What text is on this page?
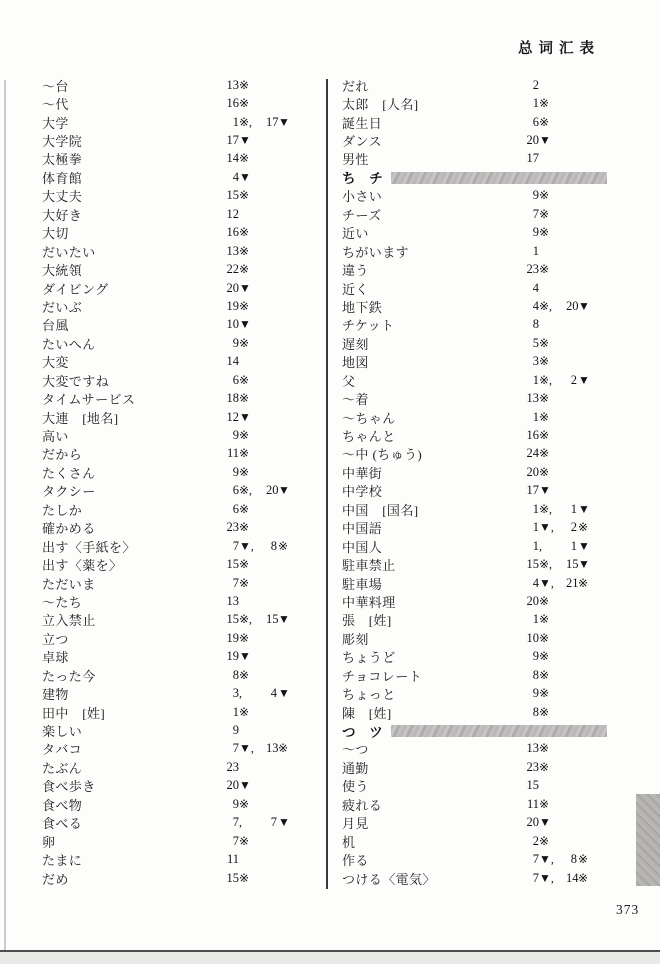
总词汇表
～台	13 ※
～代	16 ※
大学	1 ※,	17 ▼
大学院	17 ▼
太極拳	14 ※
体育館	4 ▼
大丈夫	15 ※
大好き	12
大切	16 ※
だいたい	13 ※
大統領	22 ※
ダイビング	20 ▼
だいぶ	19 ※
台風	10 ▼
たいへん	9 ※
大変	14
大変ですね	6 ※
タイムサービス	18 ※
大連　[地名]	12 ▼
高い	9 ※
だから	11 ※
たくさん	9 ※
タクシー	6 ※,	20 ▼
たしか	6 ※
確かめる	23 ※
出す〈手紙を〉	7 ▼,	8 ※
出す〈薬を〉	15 ※
ただいま	7 ※
～たち	13
立入禁止	15 ※,	15 ▼
立つ	19 ※
卓球	19 ▼
たった今	8 ※
建物	3 ,	4 ▼
田中　[姓]	1 ※
楽しい	9
タバコ	7 ▼, 13 ※
たぶん	23
食べ歩き	20 ▼
食べ物	9 ※
食べる	7 ,	7 ▼
卵	7 ※
たまに	11
だめ	15 ※
だれ	2
太郎　[人名]	1 ※
誕生日	6 ※
ダンス	20 ▼
男性	17
ち チ
小さい	9 ※
チーズ	7 ※
近い	9 ※
ちがいます	1
違う	23 ※
近く	4
地下鉄	4 ※,	20 ▼
チケット	8
遅刻	5 ※
地図	3 ※
父	1 ※,	2 ▼
～着	13 ※
～ちゃん	1 ※
ちゃんと	16 ※
～中 (ちゅう)	24 ※
中華街	20 ※
中学校	17 ▼
中国　[国名]	1 ※,	1 ▼
中国語	1 ▼,	2 ※
中国人	1 ,	1 ▼
駐車禁止	15 ※,	15 ▼
駐車場	4 ▼, 21 ※
中華料理	20 ※
張　[姓]	1 ※
彫刻	10 ※
ちょうど	9 ※
チョコレート	8 ※
ちょっと	9 ※
陳　[姓]	8 ※
つ ツ
～つ	13 ※
通勤	23 ※
使う	15
疲れる	11 ※
月見	20 ▼
机	2 ※
作る	7 ▼,	8 ※
つける〈電気〉	7 ▼, 14 ※
373
